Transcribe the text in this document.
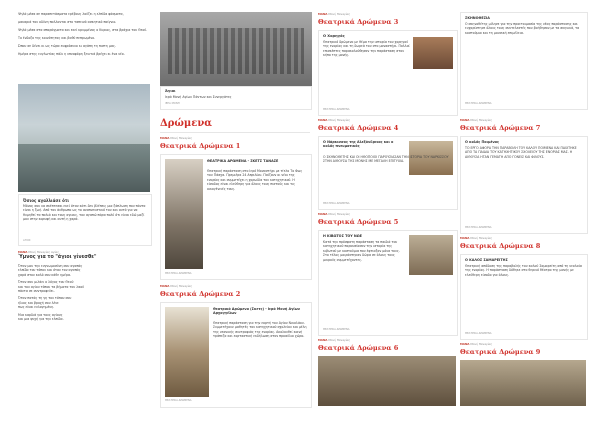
Ψηλά μέσα σε παραπετάσματα ερέβους λούζει η ελπίδα φάσματα,

μακαριά του οδύνη παλλονται στο ταπεινό ασκητικό παίγνιο.

Ψηλά μέσα στα σπαράγματα και εκεί κρυμμένος ο Κυριος, στα βράχια του Θεού.

Το ένδοξο της κοινότητας και βαθύ πεπρωμένο.

Ώπου σε δένει κι ως τώρα ευφρόσυνο κι αγάπη τη πιστη μας.

Ημέρα στης ευγλωτίας πάλι η υπνοφόρη ξενιτιά βρέχει κι ένα νέο.

Όσιος αγαλλιάσε ότι
Μόνος σου να σκέπτεσαι εκεί όταν κάτι δεν βλέπεις μια ξάπλωση που πάντα είναι η ζωή. Από τον άνθρωπο ως το αναπνευστικό του και αυτό για να θυμηθεί τα παλιά και τους αγιους, τον αγαπώ πάρα πολύ ότι είναι εδώ μαζί μου στην κορυφή και αυτή η χαρά.
ΑΓΙΟΣ
ΜΑΝΑ Μονή Παναγίας Αγίας
Ύμνος για το "άγιοι γίνεσθε"
Όταν μου την ευγνωμοσύνη σου αγαπάς
ελπίδα του τόπου και όταν τον αγαπάς
χαρά στον καλό σου κάθε ημέρα.
Όταν σου μιλάει ο λόγος του Θεού
και του αγίου τόπου τα βήματα του λαού
πάντα σε συντροφεύει.
Όταν πατάς τη γη του τόπου σου
ήλιος και βροχή σου λένε
πως είναι ευλογημένη.
Μια καρδιά για τους αγίους
και μια ψυχή για την ελπίδα.
Άγιοι
Ιερά Μονή Αγίων Πάντων και Συνεργάτες
ΙΕΡΑ ΜΟΝΗ
Δρώμενα
ΜΑΝΑ Μονή Παναγίας
Θεατρικά Δρώμενα 1
ΘΕΑΤΡΙΚΑ ΔΡΩΜΕΝΑ - ΣΚΕΤΣ ΤΑΝΑΣΕ
Θεατρική παράσταση στο Ιερό Μοναστήρι με τίτλο Το Φως του Πάσχα. Πρεμιέρα 24 Απριλίου. Παίζουν οι νέοι της ενορίας και συμμετέχει η χορωδία του κατηχητικού. Η είσοδος είναι ελεύθερη για όλους τους πιστούς και τις οικογένειές τους.
ΘΕΑΤΡΙΚΑ ΔΡΩΜΕΝΑ
ΜΑΝΑ Μονή Παναγίας
Θεατρικά Δρώμενα 2
Θεατρικά Δρώμενα (Σκετς) - Ιερά Μονή Αγίων Αρχαγγέλων
Θεατρική παράσταση για την εορτή του Αγίου Νικολάου. Συμμετέχουν μαθητές του κατηχητικού σχολείου και μέλη της νεανικής συντροφιάς της ενορίας. Ακολουθεί κοινή τράπεζα και εορταστική εκδήλωση στον προαύλιο χώρο.
ΘΕΑΤΡΙΚΑ ΔΡΩΜΕΝΑ
ΜΑΝΑ Μονή Παναγίας
Θεατρικά Δρώμενα 3
Ο Χορηγός
Θεατρικό δρώμενο με θέμα την ιστορία του χορηγού της ενορίας και τη δωρεά του στο μοναστήρι. Πολλοί επισκέπτες παρακολούθησαν την παράσταση στον κήπο της μονής.
ΘΕΑΤΡΙΚΑ ΔΡΩΜΕΝΑ
ΜΑΝΑ Μονή Παναγίας
Θεατρικά Δρώμενα 4
Ο Νάρκισσος της Αλεξάνδρειας και ο καλός πνευματικός
Ο ΣΚΗΝΟΘΕΤΗΣ ΚΑΙ ΟΙ ΗΘΟΠΟΙΟΙ ΠΑΡΟΥΣΙΑΣΑΝ ΤΗΝ ΙΣΤΟΡΙΑ ΤΟΥ ΝΑΡΚΙΣΣΟΥ ΣΤΗΝ ΑΙΘΟΥΣΑ ΤΗΣ ΜΟΝΗΣ ΜΕ ΜΕΓΑΛΗ ΕΠΙΤΥΧΙΑ.
ΘΕΑΤΡΙΚΑ ΔΡΩΜΕΝΑ
ΜΑΝΑ Μονή Παναγίας
Θεατρικά Δρώμενα 5
Η ΚΙΒΩΤΟΣ ΤΟΥ ΝΩΕ
Κατά την πρόσφατη παράσταση τα παιδιά του κατηχητικού παρουσίασαν την ιστορία της κιβωτού με κοστούμια που έφτιαξαν μόνα τους. Στο τέλος μοιράστηκαν δώρα σε όλους τους μικρούς συμμετέχοντες.
ΘΕΑΤΡΙΚΑ ΔΡΩΜΕΝΑ
ΜΑΝΑ Μονή Παναγίας
Θεατρικά Δρώμενα 6
ΣΚΗΝΟΘΕΣΙΑ
Ο σκηνοθέτης μίλησε για την προετοιμασία της νέας παράστασης και ευχαρίστησε όλους τους συντελεστές που βοήθησαν με τα σκηνικά, τα κοστούμια και τη μουσική επιμέλεια.
ΘΕΑΤΡΙΚΑ ΔΡΩΜΕΝΑ
ΜΑΝΑ Μονή Παναγίας
Θεατρικά Δρώμενα 7
Ο καλός Ποιμένας
ΤΟ ΕΡΓΟ ΑΦΟΡΑ ΤΗΝ ΠΑΡΑΒΟΛΗ ΤΟΥ ΚΑΛΟΥ ΠΟΙΜΕΝΑ ΚΑΙ ΠΑΙΧΤΗΚΕ ΑΠΟ ΤΑ ΠΑΙΔΙΑ ΤΟΥ ΚΑΤΗΧΗΤΙΚΟΥ ΣΧΟΛΕΙΟΥ ΤΗΣ ΕΝΟΡΙΑΣ ΜΑΣ. Η ΑΙΘΟΥΣΑ ΗΤΑΝ ΓΕΜΑΤΗ ΑΠΟ ΓΟΝΕΙΣ ΚΑΙ ΦΙΛΟΥΣ.
ΘΕΑΤΡΙΚΑ ΔΡΩΜΕΝΑ
ΜΑΝΑ Μονή Παναγίας
Θεατρικά Δρώμενα 8
Ο ΚΑΛΟΣ ΣΑΜΑΡΕΙΤΗΣ
Θεατρική απόδοση της παραβολής του καλού Σαμαρείτη από τη νεολαία της ενορίας. Η παράσταση δόθηκε στο θερινό θέατρο της μονής με ελεύθερη είσοδο για όλους.
ΘΕΑΤΡΙΚΑ ΔΡΩΜΕΝΑ
ΜΑΝΑ Μονή Παναγίας
Θεατρικά Δρώμενα 9
